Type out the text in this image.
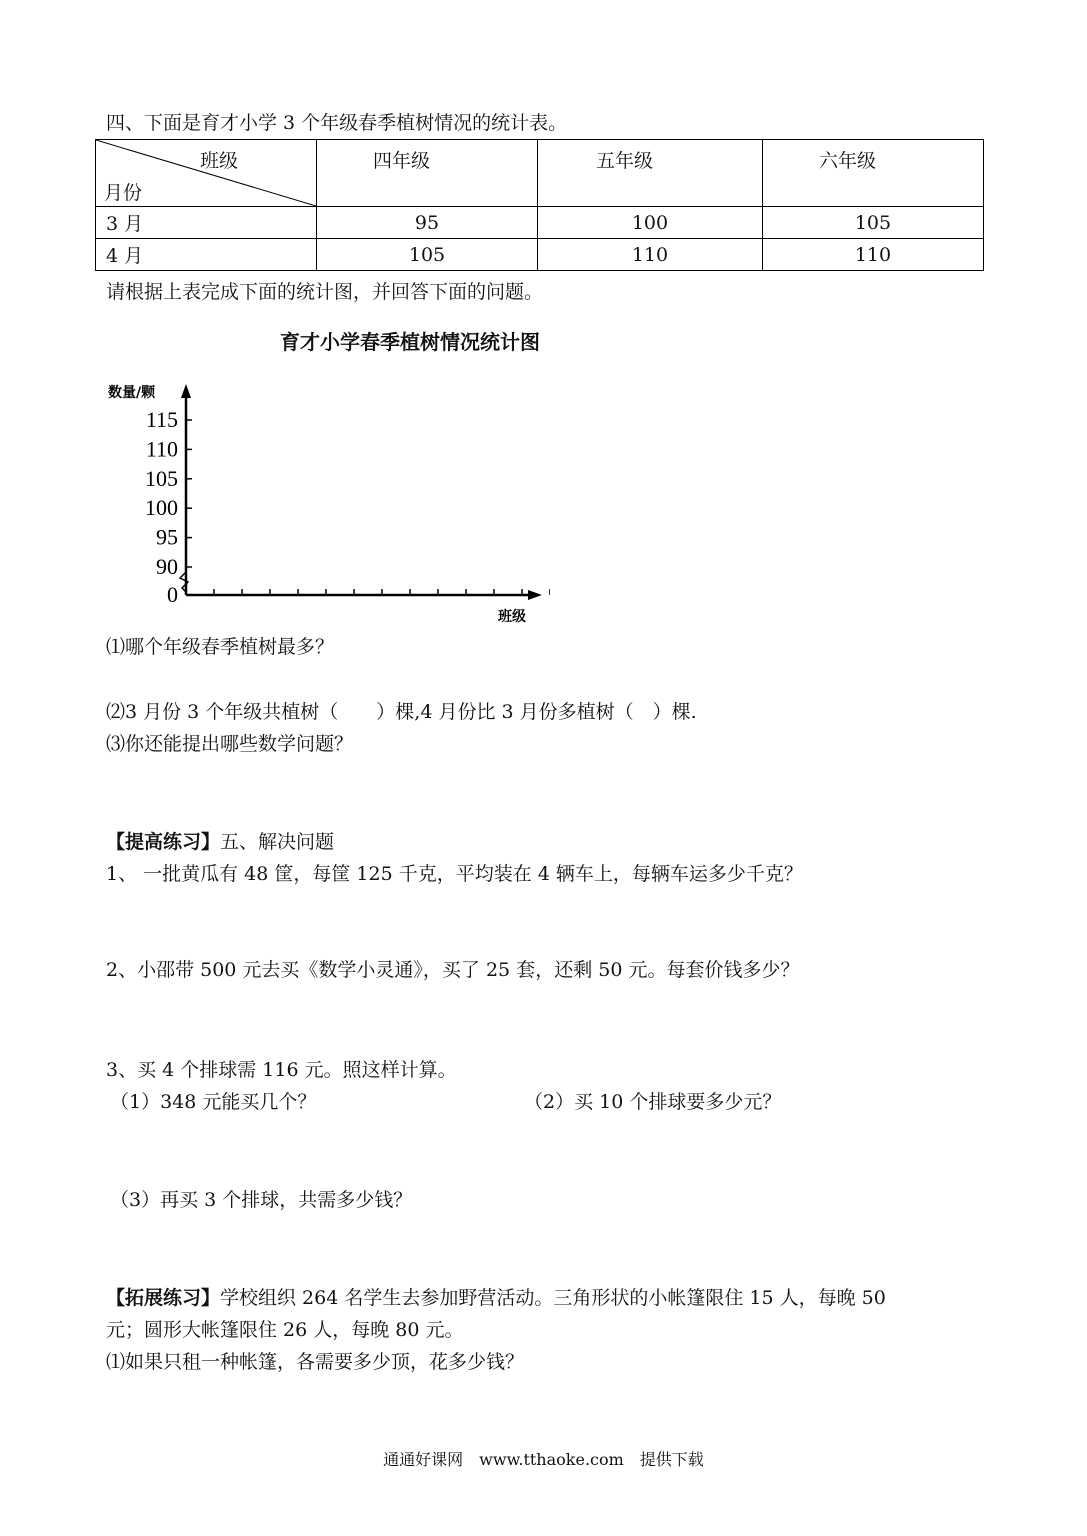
四、下面是育才小学 3 个年级春季植树情况的统计表。
班级
月份	四年级	五年级	六年级
3 月	95	100	105
4 月	105	110	110
请根据上表完成下面的统计图，并回答下面的问题。
育才小学春季植树情况统计图
数量/颗
班级
0
90
95
100
105
110
115
⑴哪个年级春季植树最多？
⑵3 月份 3 个年级共植树（　　）棵,4 月份比 3 月份多植树（　）棵.
⑶你还能提出哪些数学问题？
【提高练习】五、解决问题
1、 一批黄瓜有 48 筐，每筐 125 千克，平均装在 4 辆车上，每辆车运多少千克？
2、小邵带 500 元去买《数学小灵通》，买了 25 套，还剩 50 元。每套价钱多少？
3、买 4 个排球需 116 元。照这样计算。
（1）348 元能买几个？	（2）买 10 个排球要多少元？
（3）再买 3 个排球，共需多少钱？
【拓展练习】学校组织 264 名学生去参加野营活动。三角形状的小帐篷限住 15 人，每晚 50
元；圆形大帐篷限住 26 人，每晚 80 元。
⑴如果只租一种帐篷，各需要多少顶，花多少钱？
通通好课网　www.tthaoke.com　提供下载
